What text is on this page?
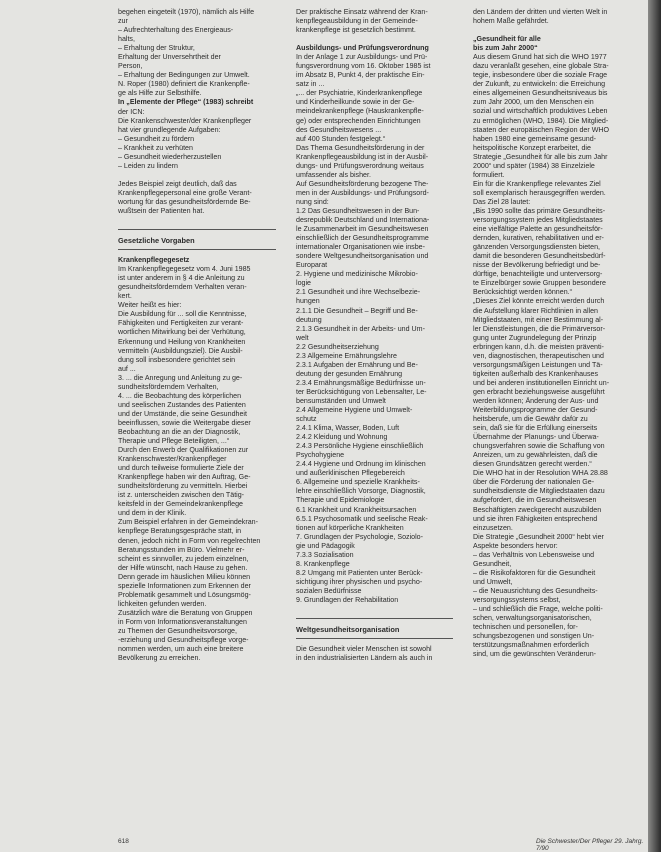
begehen eingeteilt (1970), nämlich als Hilfe

zur

– Aufrechterhaltung des Energieaus-

halts,

– Erhaltung der Struktur,

Erhaltung der Unversehrtheit der

Person,

– Erhaltung der Bedingungen zur Umwelt.

N. Roper (1980) definiert die Krankenpfle-

ge als Hilfe zur Selbsthilfe.

In „Elemente der Pflege“ (1983) schreibt

der ICN:

Die Krankenschwester/der Krankenpfleger

hat vier grundlegende Aufgaben:

– Gesundheit zu fördern

– Krankheit zu verhüten

– Gesundheit wiederherzustellen

– Leiden zu lindern

Jedes Beispiel zeigt deutlich, daß das

Krankenpflegepersonal eine große Verant-

wortung für das gesundheitsfördernde Be-

wußtsein der Patienten hat.

Gesetzliche Vorgaben

Krankenpflegegesetz

Im Krankenpflegegesetz vom 4. Juni 1985

ist unter anderem in § 4 die Anleitung zu

gesundheitsförderndem Verhalten veran-

kert.

Weiter heißt es hier:

Die Ausbildung für ... soll die Kenntnisse,

Fähigkeiten und Fertigkeiten zur verant-

wortlichen Mitwirkung bei der Verhütung,

Erkennung und Heilung von Krankheiten

vermitteln (Ausbildungsziel). Die Ausbil-

dung soll insbesondere gerichtet sein

auf ...

3. ... die Anregung und Anleitung zu ge-

sundheitsförderndem Verhalten,

4. ... die Beobachtung des körperlichen

und seelischen Zustandes des Patienten

und der Umstände, die seine Gesundheit

beeinflussen, sowie die Weitergabe dieser

Beobachtung an die an der Diagnostik,

Therapie und Pflege Beteiligten, ...“

Durch den Erwerb der Qualifikationen zur

Krankenschwester/Krankenpfleger

und durch teilweise formulierte Ziele der

Krankenpflege haben wir den Auftrag, Ge-

sundheitsförderung zu vermitteln. Hierbei

ist z. unterscheiden zwischen den Tätig-

keitsfeld in der Gemeindekrankenpflege

und dem in der Klinik.

Zum Beispiel erfahren in der Gemeindekran-

kenpflege Beratungsgespräche statt, in

denen, jedoch nicht in Form von regelrechten

Beratungsstunden im Büro. Vielmehr er-

scheint es sinnvoller, zu jedem einzelnen,

der Hilfe wünscht, nach Hause zu gehen.

Denn gerade im häuslichen Milieu können

spezielle Informationen zum Erkennen der

Problematik gesammelt und Lösungsmög-

lichkeiten gefunden werden.

Zusätzlich wäre die Beratung von Gruppen

in Form von Informationsveranstaltungen

zu Themen der Gesundheitsvorsorge,

-erziehung und Gesundheitspflege vorge-

nommen werden, um auch eine breitere

Bevölkerung zu erreichen.

Der praktische Einsatz während der Kran-

kenpflegeausbildung in der Gemeinde-

krankenpflege ist gesetzlich bestimmt.

Ausbildungs- und Prüfungsverordnung

In der Anlage 1 zur Ausbildungs- und Prü-

fungsverordnung vom 16. Oktober 1985 ist

im Absatz B, Punkt 4, der praktische Ein-

satz in ...

„... der Psychiatrie, Kinderkrankenpflege

und Kinderheilkunde sowie in der Ge-

meindekrankenpflege (Hauskrankenpfle-

ge) oder entsprechenden Einrichtungen

des Gesundheitswesens ...

auf 400 Stunden festgelegt.“

Das Thema Gesundheitsförderung in der

Krankenpflegeausbildung ist in der Ausbil-

dungs- und Prüfungsverordnung weitaus

umfassender als bisher.

Auf Gesundheitsförderung bezogene The-

men in der Ausbildungs- und Prüfungsord-

nung sind:

1.2 Das Gesundheitswesen in der Bun-

desrepublik Deutschland und Internationa-

le Zusammenarbeit im Gesundheitswesen

einschließlich der Gesundheitsprogramme

internationaler Organisationen wie insbe-

sondere Weltgesundheitsorganisation und

Europarat

2. Hygiene und medizinische Mikrobio-

logie

2.1 Gesundheit und ihre Wechselbezie-

hungen

2.1.1 Die Gesundheit – Begriff und Be-

deutung

2.1.3 Gesundheit in der Arbeits- und Um-

welt

2.2 Gesundheitserziehung

2.3 Allgemeine Ernährungslehre

2.3.1 Aufgaben der Ernährung und Be-

deutung der gesunden Ernährung

2.3.4 Ernährungsmäßige Bedürfnisse un-

ter Berücksichtigung von Lebensalter, Le-

bensumständen und Umwelt

2.4 Allgemeine Hygiene und Umwelt-

schutz

2.4.1 Klima, Wasser, Boden, Luft

2.4.2 Kleidung und Wohnung

2.4.3 Persönliche Hygiene einschließlich

Psychohygiene

2.4.4 Hygiene und Ordnung im klinischen

und außerklinischen Pflegebereich

6. Allgemeine und spezielle Krankheits-

lehre einschließlich Vorsorge, Diagnostik,

Therapie und Epidemiologie

6.1 Krankheit und Krankheitsursachen

6.5.1 Psychosomatik und seelische Reak-

tionen auf körperliche Krankheiten

7. Grundlagen der Psychologie, Soziolo-

gie und Pädagogik

7.3.3 Sozialisation

8. Krankenpflege

8.2 Umgang mit Patienten unter Berück-

sichtigung ihrer physischen und psycho-

sozialen Bedürfnisse

9. Grundlagen der Rehabilitation

Weltgesundheitsorganisation

Die Gesundheit vieler Menschen ist sowohl

in den industrialisierten Ländern als auch in

den Ländern der dritten und vierten Welt in

hohem Maße gefährdet.

„Gesundheit für alle

bis zum Jahr 2000“

Aus diesem Grund hat sich die WHO 1977

dazu veranlaßt gesehen, eine globale Stra-

tegie, insbesondere über die soziale Frage

der Zukunft, zu entwickeln: die Erreichung

eines allgemeinen Gesundheitsniveaus bis

zum Jahr 2000, um den Menschen ein

sozial und wirtschaftlich produktives Leben

zu ermöglichen (WHO, 1984). Die Mitglied-

staaten der europäischen Region der WHO

haben 1980 eine gemeinsame gesund-

heitspolitische Konzept erarbeitet, die

Strategie „Gesundheit für alle bis zum Jahr

2000“ und später (1984) 38 Einzelziele

formuliert.

Ein für die Krankenpflege relevantes Ziel

soll exemplarisch herausgegriffen werden.

Das Ziel 28 lautet:

„Bis 1990 sollte das primäre Gesundheits-

versorgungssystem jedes Mitgliedstaates

eine vielfältige Palette an gesundheitsför-

dernden, kurativen, rehabilitativen und er-

gänzenden Versorgungsdiensten bieten,

damit die besonderen Gesundheitsbedürf-

nisse der Bevölkerung befriedigt und be-

dürftige, benachteiligte und unterversorg-

te Einzelbürger sowie Gruppen besondere

Berücksichtigt werden können.“

„Dieses Ziel könnte erreicht werden durch

die Aufstellung klarer Richtlinien in allen

Mitgliedstaaten, mit einer Bestimmung al-

ler Dienstleistungen, die die Primärversor-

gung unter Zugrundelegung der Prinzip

erbringen kann, d.h. die meisten präventi-

ven, diagnostischen, therapeutischen und

versorgungsmäßigen Leistungen und Tä-

tigkeiten außerhalb des Krankenhauses

und bei anderen institutionellen Einricht un-

gen erbracht beziehungsweise ausgeführt

werden können; Änderung der Aus- und

Weiterbildungsprogramme der Gesund-

heitsberufe, um die Gewähr dafür zu

sein, daß sie für die Erfüllung einerseits

Übernahme der Planungs- und Überwa-

chungsverfahren sowie die Schaffung von

Anreizen, um zu gewährleisten, daß die

diesen Grundsätzen gerecht werden.“

Die WHO hat in der Resolution WHA 28.88

über die Förderung der nationalen Ge-

sundheitsdienste die Mitgliedstaaten dazu

aufgefordert, die im Gesundheitswesen

Beschäftigten zweckgerecht auszubilden

und sie ihren Fähigkeiten entsprechend

einzusetzen.

Die Strategie „Gesundheit 2000“ hebt vier

Aspekte besonders hervor:

– das Verhältnis von Lebensweise und

Gesundheit,

– die Risikofaktoren für die Gesundheit

und Umwelt,

– die Neuausrichtung des Gesundheits-

versorgungssystems selbst,

– und schließlich die Frage, welche politi-

schen, verwaltungsorganisatorischen,

technischen und personellen, for-

schungsbezogenen und sonstigen Un-

terstützungsmaßnahmen erforderlich

sind, um die gewünschten Veränderun-

618	Die Schwester/Der Pfleger 29. Jahrg. 7/90
